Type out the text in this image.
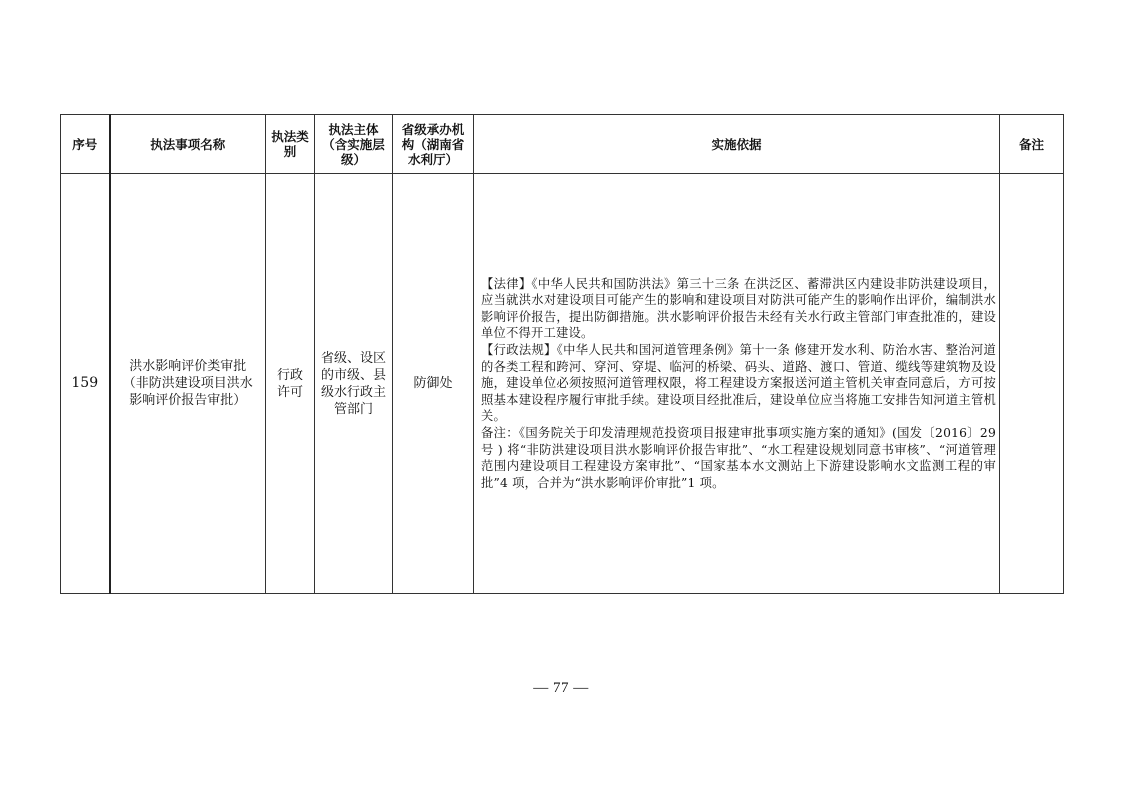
序号	执法事项名称	执法类别	执法主体（含实施层级）	省级承办机构（湖南省水利厅）	实施依据	备注
159	洪水影响评价类审批（非防洪建设项目洪水影响评价报告审批）	行政许可	省级、设区的市级、县级水行政主管部门	防御处	【法律】《中华人民共和国防洪法》第三十三条 在洪泛区、蓄滞洪区内建设非防洪建设项目，应当就洪水对建设项目可能产生的影响和建设项目对防洪可能产生的影响作出评价，编制洪水影响评价报告，提出防御措施。洪水影响评价报告未经有关水行政主管部门审查批准的，建设单位不得开工建设。

【行政法规】《中华人民共和国河道管理条例》第十一条 修建开发水利、防治水害、整治河道的各类工程和跨河、穿河、穿堤、临河的桥梁、码头、道路、渡口、管道、缆线等建筑物及设施，建设单位必须按照河道管理权限，将工程建设方案报送河道主管机关审查同意后，方可按照基本建设程序履行审批手续。建设项目经批准后，建设单位应当将施工安排告知河道主管机关。

备注：《国务院关于印发清理规范投资项目报建审批事项实施方案的通知》(国发〔2016〕29 号 ) 将“非防洪建设项目洪水影响评价报告审批”、“水工程建设规划同意书审核”、“河道管理范围内建设项目工程建设方案审批”、“国家基本水文测站上下游建设影响水文监测工程的审批”4 项，合并为“洪水影响评价审批”1 项。	

— 77 —
